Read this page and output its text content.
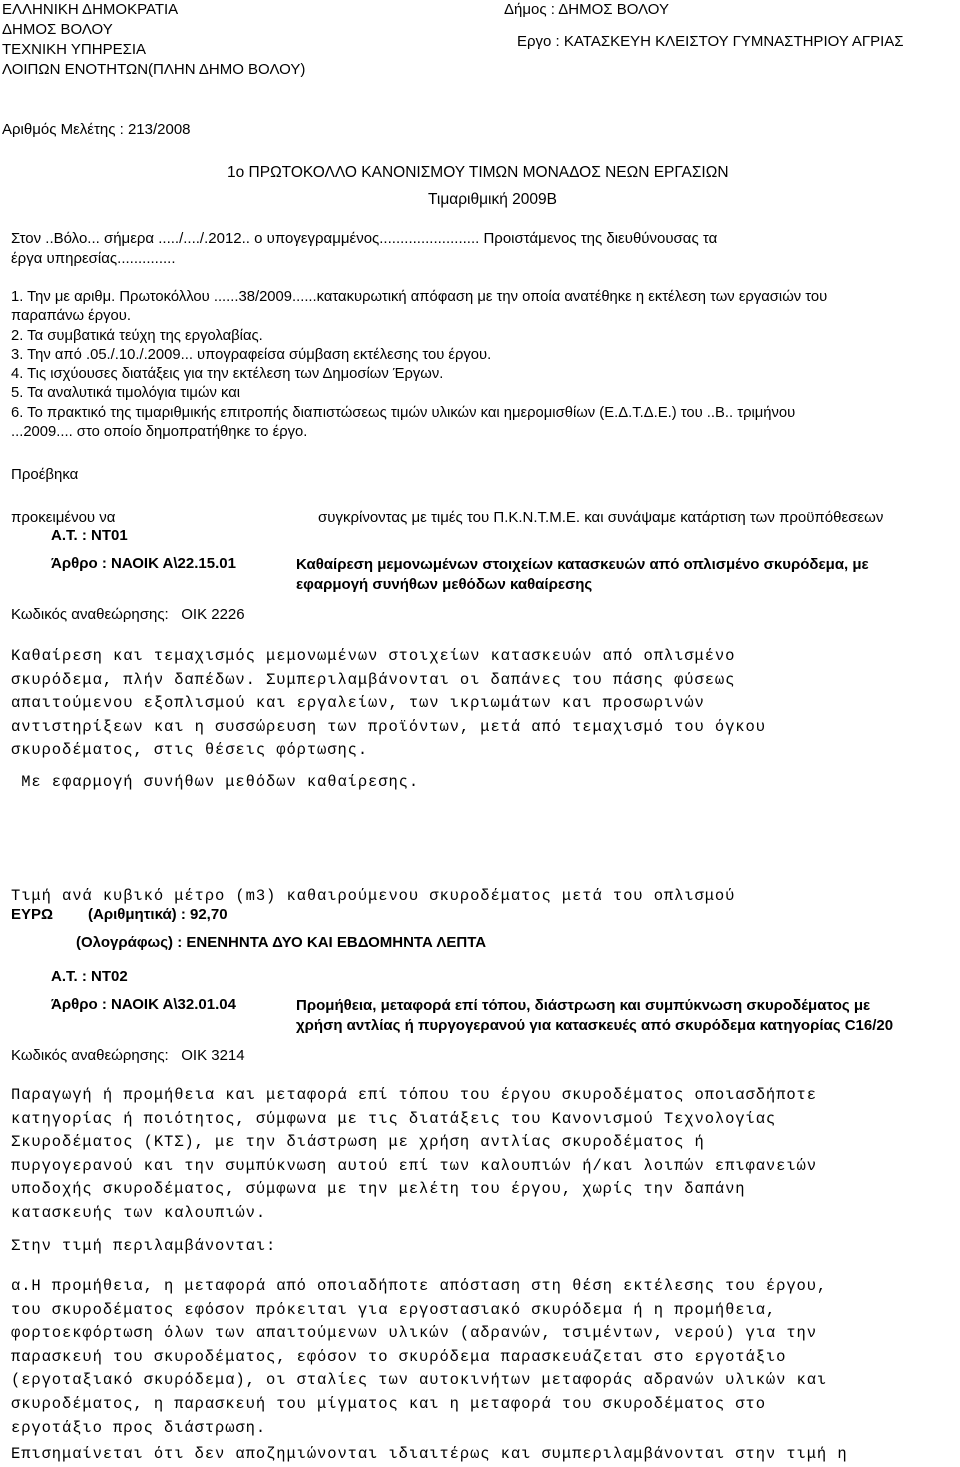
ΕΛΛΗΝΙΚΗ ΔΗΜΟΚΡΑΤΙΑ
ΔΗΜΟΣ ΒΟΛΟΥ
ΤΕΧΝΙΚΗ ΥΠΗΡΕΣΙΑ
ΛΟΙΠΩΝ ΕΝΟΤΗΤΩΝ(ΠΛΗΝ ΔΗΜΟ ΒΟΛΟΥ)
Δήμος : ΔΗΜΟΣ ΒΟΛΟΥ
Εργο : ΚΑΤΑΣΚΕΥΗ ΚΛΕΙΣΤΟΥ ΓΥΜΝΑΣΤΗΡΙΟΥ ΑΓΡΙΑΣ
Αριθμός Μελέτης : 213/2008
1ο ΠΡΩΤΟΚΟΛΛΟ ΚΑΝΟΝΙΣΜΟΥ ΤΙΜΩΝ ΜΟΝΑΔΟΣ ΝΕΩΝ ΕΡΓΑΣΙΩΝ
Τιμαριθμική 2009Β
Στον ..Βόλο... σήμερα ...../..../.2012.. ο υπογεγραμμένος........................ Προιστάμενος της διευθύνουσας τα
έργα υπηρεσίας..............
1. Την με αριθμ. Πρωτοκόλλου ......38/2009......κατακυρωτική απόφαση με την οποία ανατέθηκε η εκτέλεση των εργασιών του
παραπάνω έργου.
2. Τα συμβατικά τεύχη της εργολαβίας.
3. Την από .05./.10./.2009... υπογραφείσα σύμβαση εκτέλεσης του έργου.
4. Τις ισχύουσες διατάξεις για την εκτέλεση των Δημοσίων Έργων.
5. Τα αναλυτικά τιμολόγια τιμών και
6. Το πρακτικό της τιμαριθμικής επιτροπής διαπιστώσεως τιμών υλικών και ημερομισθίων (Ε.Δ.Τ.Δ.Ε.) του ..Β.. τριμήνου
...2009.... στο οποίο δημοπρατήθηκε το έργο.
Προέβηκα
προκειμένου να	συγκρίνοντας με τιμές του Π.Κ.Ν.Τ.Μ.Ε. και συνάψαμε κατάρτιση των προϋπόθεσεων
Α.Τ. : ΝΤ01
Άρθρο : ΝΑΟΙΚ Α\22.15.01	Καθαίρεση μεμονωμένων στοιχείων κατασκευών από οπλισμένο σκυρόδεμα, με
εφαρμογή συνήθων μεθόδων καθαίρεσης
Κωδικός αναθεώρησης:   ΟΙΚ 2226
Καθαίρεση και τεμαχισμός μεμονωμένων στοιχείων κατασκευών από οπλισμένο
σκυρόδεμα, πλήν δαπέδων. Συμπεριλαμβάνονται οι δαπάνες του πάσης φύσεως
απαιτούμενου εξοπλισμού και εργαλείων, των ικριωμάτων και προσωρινών
αντιστηρίξεων και η συσσώρευση των προϊόντων, μετά από τεμαχισμό του όγκου
σκυροδέματος, στις θέσεις φόρτωσης.
Με εφαρμογή συνήθων μεθόδων καθαίρεσης.
Τιμή ανά κυβικό μέτρο (m3) καθαιρούμενου σκυροδέματος μετά του οπλισμού
ΕΥΡΩ (Αριθμητικά) : 92,70
(Ολογράφως) : ΕΝΕΝΗΝΤΑ ΔΥΟ ΚΑΙ ΕΒΔΟΜΗΝΤΑ ΛΕΠΤΑ
Α.Τ. : ΝΤ02
Άρθρο : ΝΑΟΙΚ Α\32.01.04	Προμήθεια, μεταφορά επί τόπου, διάστρωση και συμπύκνωση σκυροδέματος με
χρήση αντλίας ή πυργογερανού για κατασκευές από σκυρόδεμα κατηγορίας C16/20
Κωδικός αναθεώρησης:   ΟΙΚ 3214
Παραγωγή ή προμήθεια και μεταφορά επί τόπου του έργου σκυροδέματος οποιασδήποτε
κατηγορίας ή ποιότητος, σύμφωνα με τις διατάξεις του Κανονισμού Τεχνολογίας
Σκυροδέματος (ΚΤΣ), με την διάστρωση με χρήση αντλίας σκυροδέματος ή
πυργογερανού και την συμπύκνωση αυτού επί των καλουπιών ή/και λοιπών επιφανειών
υποδοχής σκυροδέματος, σύμφωνα με την μελέτη του έργου, χωρίς την δαπάνη
κατασκευής των καλουπιών.
Στην τιμή περιλαμβάνονται:
α.Η προμήθεια, η μεταφορά από οποιαδήποτε απόσταση στη θέση εκτέλεσης του έργου,
του σκυροδέματος εφόσον πρόκειται για εργοστασιακό σκυρόδεμα ή η προμήθεια,
φορτοεκφόρτωση όλων των απαιτούμενων υλικών (αδρανών, τσιμέντων, νερού) για την
παρασκευή του σκυροδέματος, εφόσον το σκυρόδεμα παρασκευάζεται στο εργοτάξιο
(εργοταξιακό σκυρόδεμα), οι σταλίες των αυτοκινήτων μεταφοράς αδρανών υλικών και
σκυροδέματος, η παρασκευή του μίγματος και η μεταφορά του σκυροδέματος στο
εργοτάξιο προς διάστρωση.
Επισημαίνεται ότι δεν αποζημιώνονται ιδιαιτέρως και συμπεριλαμβάνονται στην τιμή η
